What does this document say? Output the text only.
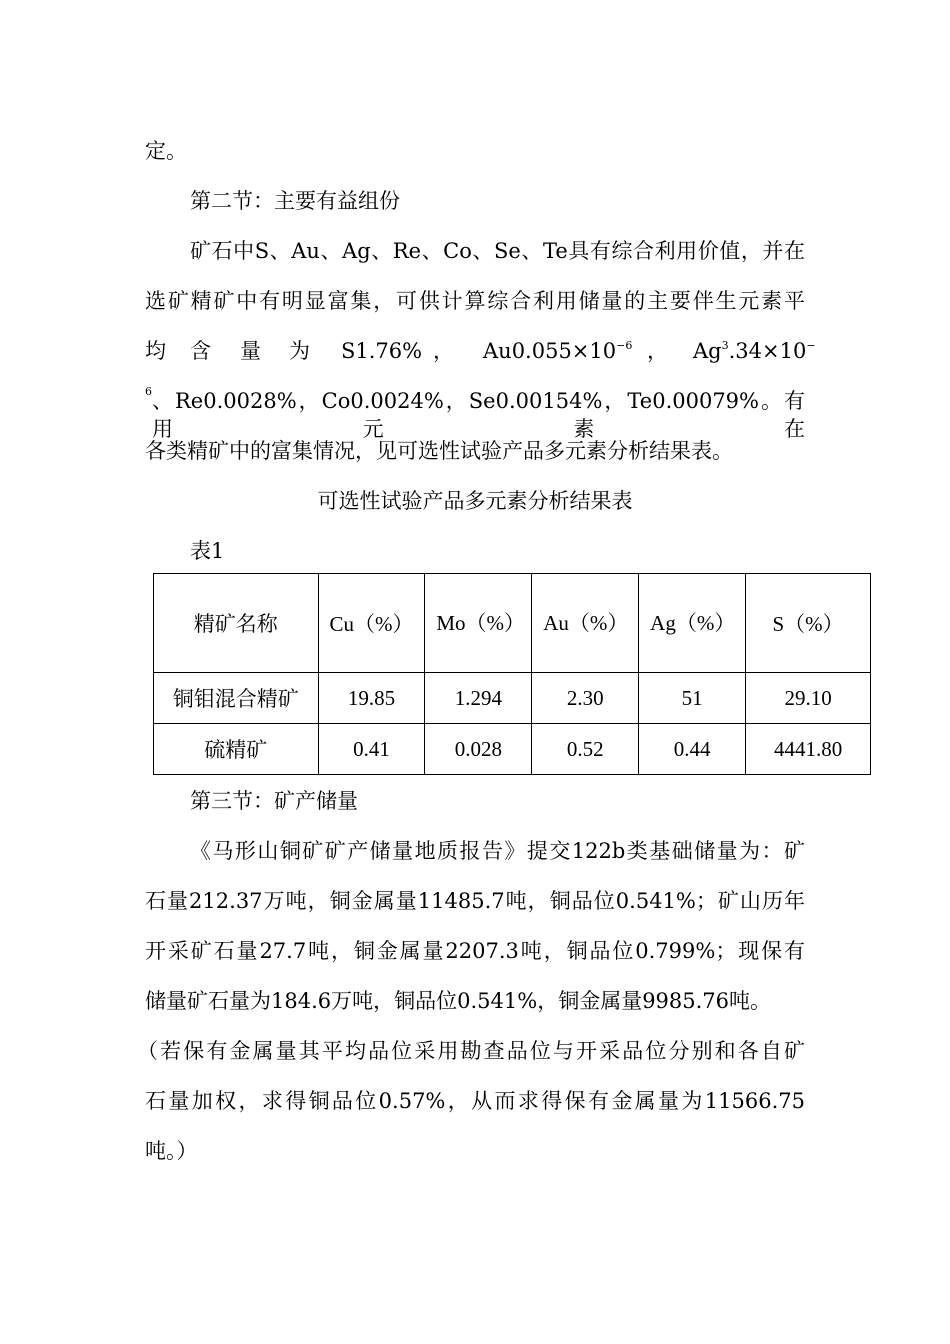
定。
第二节：主要有益组份
矿石中S、Au、Ag、Re、Co、Se、Te具有综合利用价值，并在
选矿精矿中有明显富集，可供计算综合利用储量的主要伴生元素平
均 含 量 为 S1.76% ， $Au0.055\times 10^{-6}$ ， $Ag^3.34\times 10^-$
6 、Re0.0028%，Co0.0024%，Se0.00154%，Te0.00079%。有用元素在
各类精矿中的富集情况，见可选性试验产品多元素分析结果表。
可选性试验产品多元素分析结果表
表1
精矿名称	Cu（%）	Mo（%）	Au（%）	Ag（%）	S（%）
铜钼混合精矿	19.85	1.294	2.30	51	29.10
硫精矿	0.41	0.028	0.52	0.44	4441.80
第三节：矿产储量
《马形山铜矿矿产储量地质报告》提交122b类基础储量为：矿
石量212.37万吨，铜金属量11485.7吨，铜品位0.541%；矿山历年
开采矿石量27.7吨，铜金属量2207.3吨，铜品位0.799%；现保有
储量矿石量为184.6万吨，铜品位0.541%，铜金属量9985.76吨。
（若保有金属量其平均品位采用勘查品位与开采品位分别和各自矿
石量加权，求得铜品位0.57%，从而求得保有金属量为11566.75
吨。）
